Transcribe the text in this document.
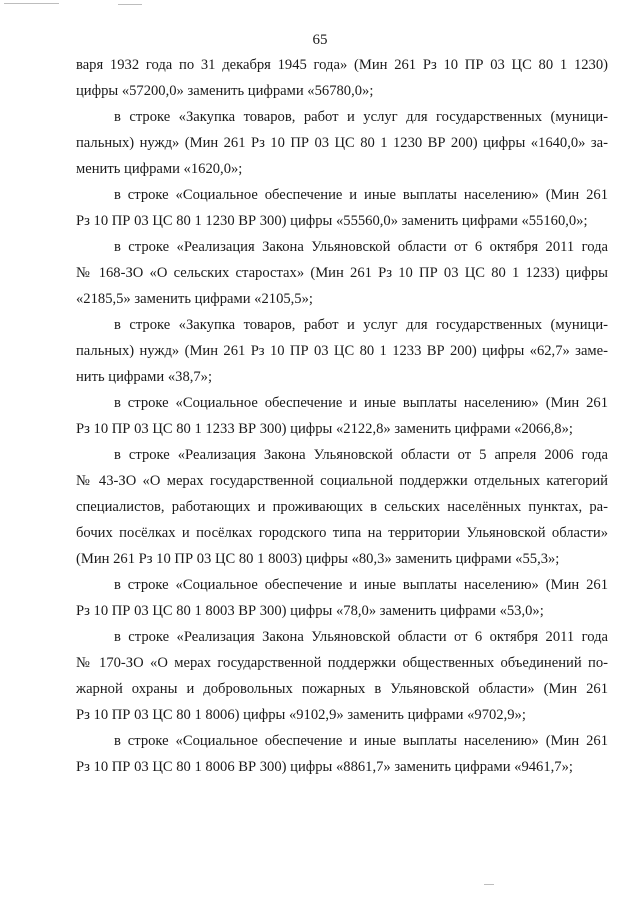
65
варя 1932 года по 31 декабря 1945 года» (Мин 261 Рз 10 ПР 03 ЦС 80 1 1230)
цифры «57200,0» заменить цифрами «56780,0»;
в строке «Закупка товаров, работ и услуг для государственных (муници-
пальных) нужд» (Мин 261 Рз 10 ПР 03 ЦС 80 1 1230 ВР 200) цифры «1640,0» за-
менить цифрами «1620,0»;
в строке «Социальное обеспечение и иные выплаты населению» (Мин 261
Рз 10 ПР 03 ЦС 80 1 1230 ВР 300) цифры «55560,0» заменить цифрами «55160,0»;
в строке «Реализация Закона Ульяновской области от 6 октября 2011 года
№ 168-ЗО «О сельских старостах» (Мин 261 Рз 10 ПР 03 ЦС 80 1 1233) цифры
«2185,5» заменить цифрами «2105,5»;
в строке «Закупка товаров, работ и услуг для государственных (муници-
пальных) нужд» (Мин 261 Рз 10 ПР 03 ЦС 80 1 1233 ВР 200) цифры «62,7» заме-
нить цифрами «38,7»;
в строке «Социальное обеспечение и иные выплаты населению» (Мин 261
Рз 10 ПР 03 ЦС 80 1 1233 ВР 300) цифры «2122,8» заменить цифрами «2066,8»;
в строке «Реализация Закона Ульяновской области от 5 апреля 2006 года
№ 43-ЗО «О мерах государственной социальной поддержки отдельных категорий
специалистов, работающих и проживающих в сельских населённых пунктах, ра-
бочих посёлках и посёлках городского типа на территории Ульяновской области»
(Мин 261 Рз 10 ПР 03 ЦС 80 1 8003) цифры «80,3» заменить цифрами «55,3»;
в строке «Социальное обеспечение и иные выплаты населению» (Мин 261
Рз 10 ПР 03 ЦС 80 1 8003 ВР 300) цифры «78,0» заменить цифрами «53,0»;
в строке «Реализация Закона Ульяновской области от 6 октября 2011 года
№ 170-ЗО «О мерах государственной поддержки общественных объединений по-
жарной охраны и добровольных пожарных в Ульяновской области» (Мин 261
Рз 10 ПР 03 ЦС 80 1 8006) цифры «9102,9» заменить цифрами «9702,9»;
в строке «Социальное обеспечение и иные выплаты населению» (Мин 261
Рз 10 ПР 03 ЦС 80 1 8006 ВР 300) цифры «8861,7» заменить цифрами «9461,7»;
